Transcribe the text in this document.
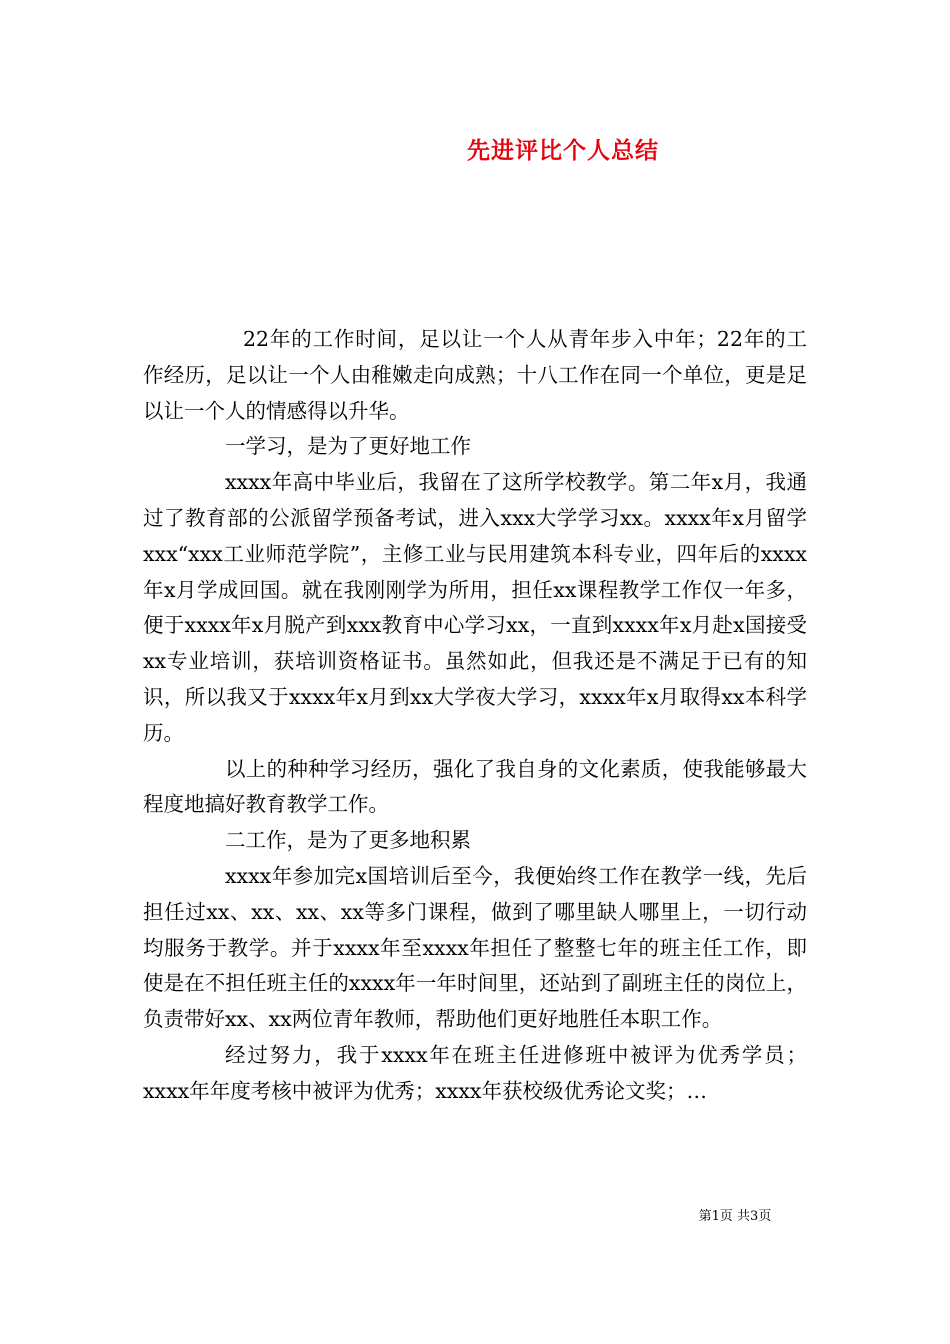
先进评比个人总结

22年的工作时间，足以让一个人从青年步入中年；22年的工作经历，足以让一个人由稚嫩走向成熟；十八工作在同一个单位，更是足以让一个人的情感得以升华。

一学习，是为了更好地工作

xxxx年高中毕业后，我留在了这所学校教学。第二年x月，我通过了教育部的公派留学预备考试，进入xxx大学学习xx。xxxx年x月留学xxx“xxx工业师范学院”，主修工业与民用建筑本科专业，四年后的xxxx年x月学成回国。就在我刚刚学为所用，担任xx课程教学工作仅一年多，便于xxxx年x月脱产到xxx教育中心学习xx，一直到xxxx年x月赴x国接受xx专业培训，获培训资格证书。虽然如此，但我还是不满足于已有的知识，所以我又于xxxx年x月到xx大学夜大学习，xxxx年x月取得xx本科学历。

以上的种种学习经历，强化了我自身的文化素质，使我能够最大程度地搞好教育教学工作。

二工作，是为了更多地积累

xxxx年参加完x国培训后至今，我便始终工作在教学一线，先后担任过xx、xx、xx、xx等多门课程，做到了哪里缺人哪里上，一切行动均服务于教学。并于xxxx年至xxxx年担任了整整七年的班主任工作，即使是在不担任班主任的xxxx年一年时间里，还站到了副班主任的岗位上，负责带好xx、xx两位青年教师，帮助他们更好地胜任本职工作。

经过努力，我于xxxx年在班主任进修班中被评为优秀学员；xxxx年年度考核中被评为优秀；xxxx年获校级优秀论文奖；…

第1页 共3页
